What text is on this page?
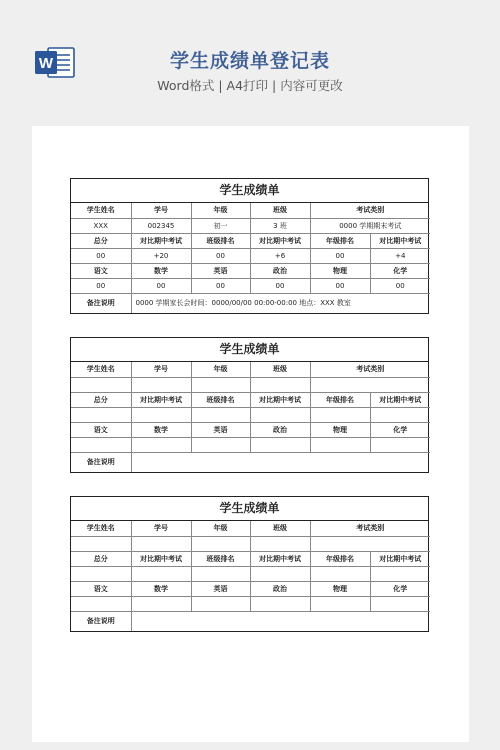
W	学生成绩单登记表
Word格式 | A4打印 | 内容可更改
学生成绩单
学生姓名	学号	年级	班级	考试类别	
XXX	002345	初一	3 班	0000 学期期末考试	
总分	对比期中考试	班级排名	对比期中考试	年级排名	对比期中考试
00	+20	00	+6	00	+4
语文	数学	英语	政治	物理	化学
00	00	00	00	00	00
备注说明	0000 学期家长会时间：0000/00/00 00:00-00:00 地点：XXX 教室				
学生成绩单
学生姓名	学号	年级	班级	考试类别	

总分	对比期中考试	班级排名	对比期中考试	年级排名	对比期中考试

语文	数学	英语	政治	物理	化学

备注说明					
学生成绩单
学生姓名	学号	年级	班级	考试类别	

总分	对比期中考试	班级排名	对比期中考试	年级排名	对比期中考试

语文	数学	英语	政治	物理	化学

备注说明					
